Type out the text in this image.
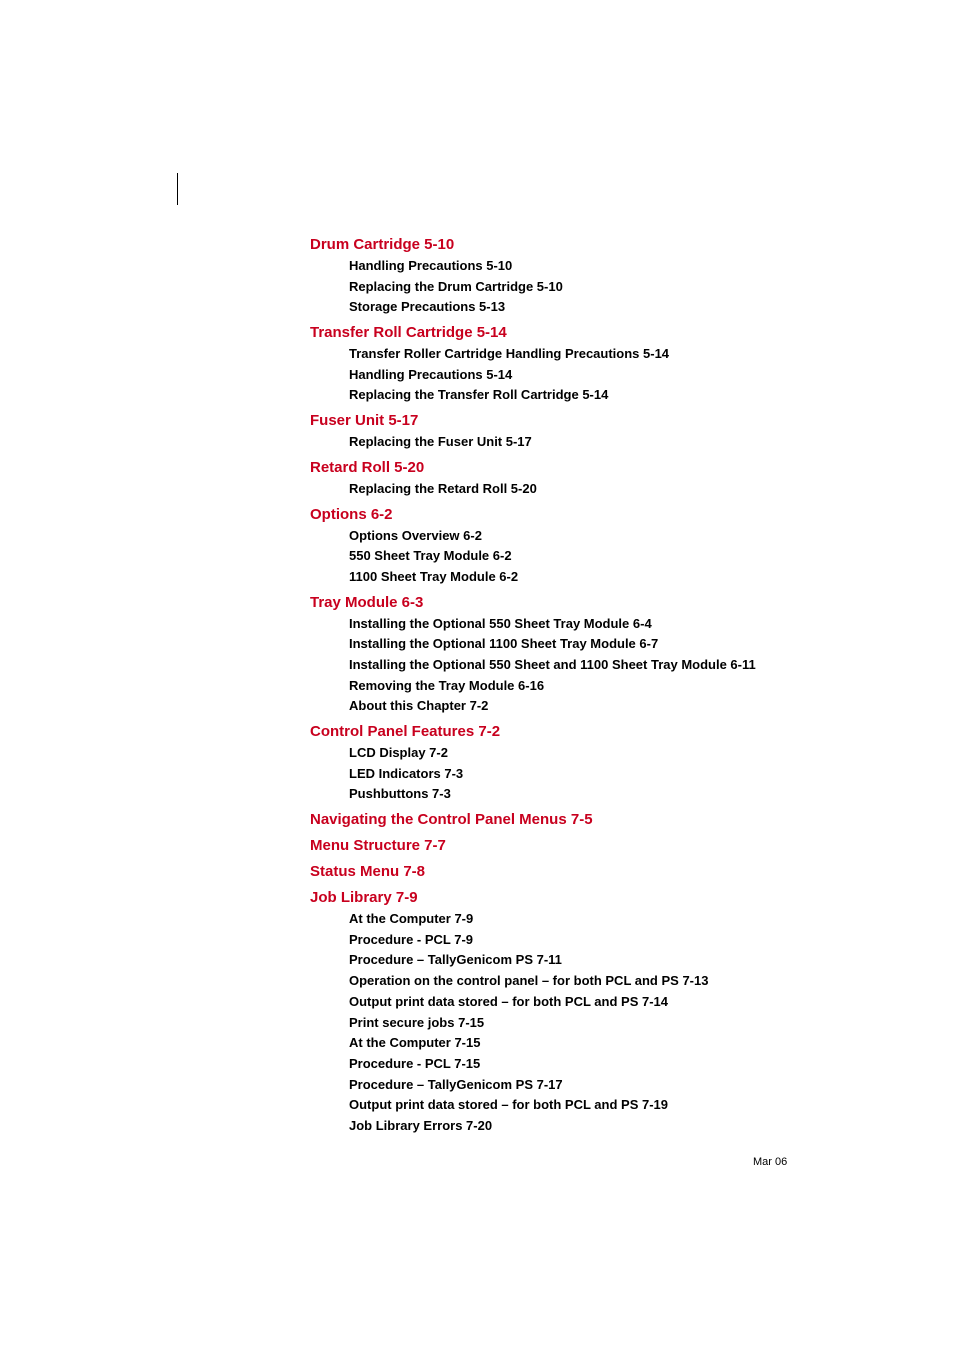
Drum Cartridge 5-10
Handling Precautions 5-10
Replacing the Drum Cartridge 5-10
Storage Precautions 5-13
Transfer Roll Cartridge 5-14
Transfer Roller Cartridge Handling Precautions 5-14
Handling Precautions 5-14
Replacing the Transfer Roll Cartridge 5-14
Fuser Unit 5-17
Replacing the Fuser Unit 5-17
Retard Roll 5-20
Replacing the Retard Roll 5-20
Options 6-2
Options Overview 6-2
550 Sheet Tray Module 6-2
1100 Sheet Tray Module 6-2
Tray Module 6-3
Installing the Optional 550 Sheet Tray Module 6-4
Installing the Optional 1100 Sheet Tray Module 6-7
Installing the Optional 550 Sheet and 1100 Sheet Tray Module 6-11
Removing the Tray Module 6-16
About this Chapter 7-2
Control Panel Features 7-2
LCD Display 7-2
LED Indicators 7-3
Pushbuttons 7-3
Navigating the Control Panel Menus 7-5
Menu Structure 7-7
Status Menu 7-8
Job Library 7-9
At the Computer 7-9
Procedure - PCL 7-9
Procedure – TallyGenicom PS 7-11
Operation on the control panel – for both PCL and PS 7-13
Output print data stored – for both PCL and PS 7-14
Print secure jobs 7-15
At the Computer 7-15
Procedure - PCL 7-15
Procedure – TallyGenicom PS 7-17
Output print data stored – for both PCL and PS 7-19
Job Library Errors 7-20
Mar 06
